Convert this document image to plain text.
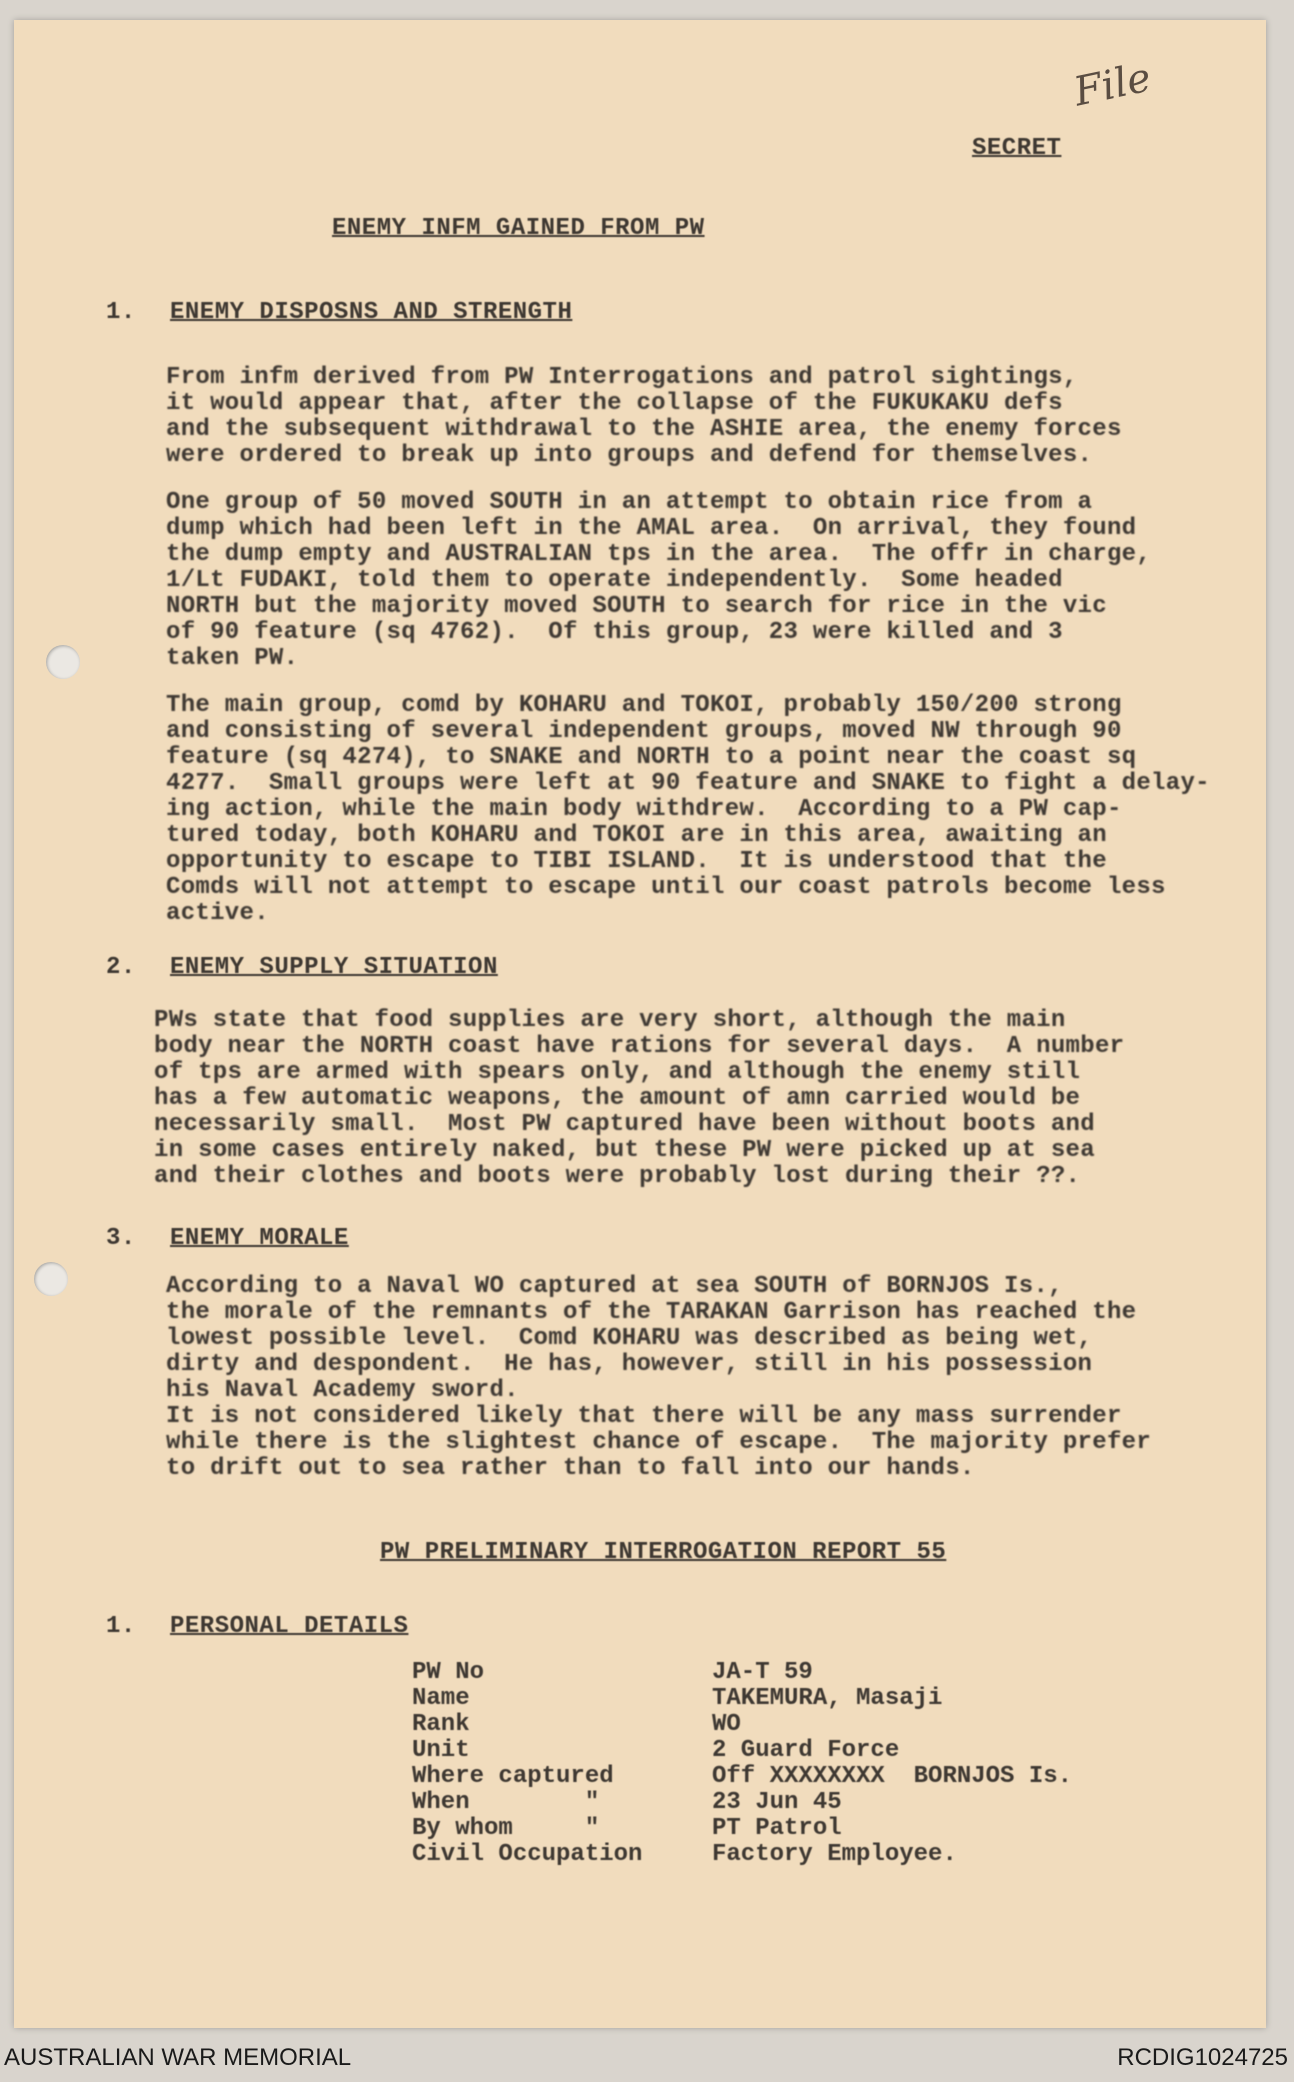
File
SECRET
ENEMY INFM GAINED FROM PW
1. ENEMY DISPOSNS AND STRENGTH
From infm derived from PW Interrogations and patrol sightings,
it would appear that, after the collapse of the FUKUKAKU defs
and the subsequent withdrawal to the ASHIE area, the enemy forces
were ordered to break up into groups and defend for themselves.
One group of 50 moved SOUTH in an attempt to obtain rice from a
dump which had been left in the AMAL area.  On arrival, they found
the dump empty and AUSTRALIAN tps in the area.  The offr in charge,
1/Lt FUDAKI, told them to operate independently.  Some headed
NORTH but the majority moved SOUTH to search for rice in the vic
of 90 feature (sq 4762).  Of this group, 23 were killed and 3
taken PW.
The main group, comd by KOHARU and TOKOI, probably 150/200 strong
and consisting of several independent groups, moved NW through 90
feature (sq 4274), to SNAKE and NORTH to a point near the coast sq
4277.  Small groups were left at 90 feature and SNAKE to fight a delay-
ing action, while the main body withdrew.  According to a PW cap-
tured today, both KOHARU and TOKOI are in this area, awaiting an
opportunity to escape to TIBI ISLAND.  It is understood that the
Comds will not attempt to escape until our coast patrols become less
active.
2. ENEMY SUPPLY SITUATION
PWs state that food supplies are very short, although the main
body near the NORTH coast have rations for several days.  A number
of tps are armed with spears only, and although the enemy still
has a few automatic weapons, the amount of amn carried would be
necessarily small.  Most PW captured have been without boots and
in some cases entirely naked, but these PW were picked up at sea
and their clothes and boots were probably lost during their ??.
3. ENEMY MORALE
According to a Naval WO captured at sea SOUTH of BORNJOS Is.,
the morale of the remnants of the TARAKAN Garrison has reached the
lowest possible level.  Comd KOHARU was described as being wet,
dirty and despondent.  He has, however, still in his possession
his Naval Academy sword.
It is not considered likely that there will be any mass surrender
while there is the slightest chance of escape.  The majority prefer
to drift out to sea rather than to fall into our hands.
PW PRELIMINARY INTERROGATION REPORT 55
1. PERSONAL DETAILS
PW No	JA-T 59
Name	TAKEMURA, Masaji
Rank	WO
Unit	2 Guard Force
Where captured	Off XXXXXXXX  BORNJOS Is.
When        "	23 Jun 45
By whom     "	PT Patrol
Civil Occupation	Factory Employee.
AUSTRALIAN WAR MEMORIAL	RCDIG1024725
